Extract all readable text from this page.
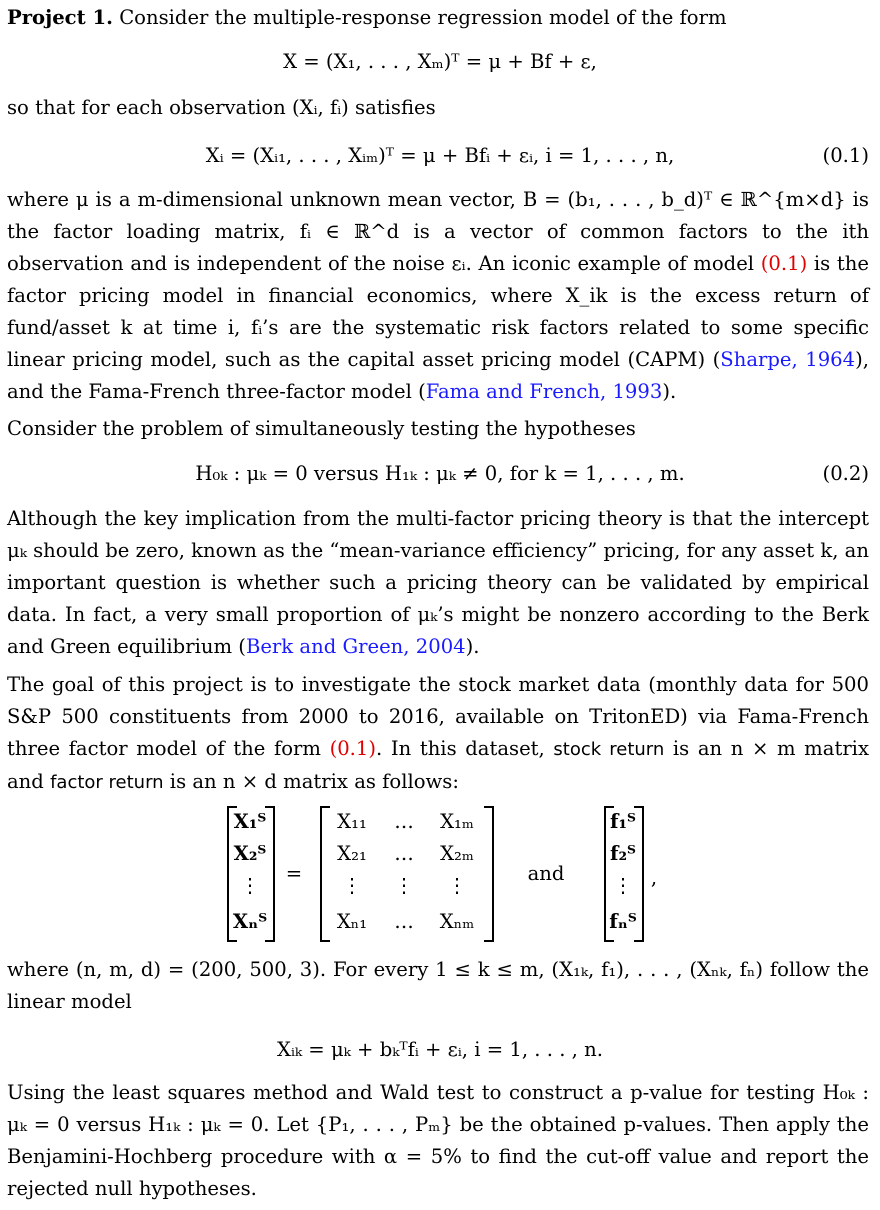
Project 1. Consider the multiple-response regression model of the form

X = (X₁, . . . , Xₘ)ᵀ = μ + Bf + ε,

so that for each observation (Xᵢ, fᵢ) satisfies

Xᵢ = (Xᵢ₁, . . . , Xᵢₘ)ᵀ = μ + Bfᵢ + εᵢ, i = 1, . . . , n,	(0.1)

where μ is a m-dimensional unknown mean vector, B = (b₁, . . . , b_d)ᵀ ∈ ℝ^{m×d} is the factor loading matrix, fᵢ ∈ ℝ^d is a vector of common factors to the ith observation and is independent of the noise εᵢ. An iconic example of model (0.1) is the factor pricing model in financial economics, where X_ik is the excess return of fund/asset k at time i, fᵢ’s are the systematic risk factors related to some specific linear pricing model, such as the capital asset pricing model (CAPM) (Sharpe, 1964), and the Fama-French three-factor model (Fama and French, 1993).

Consider the problem of simultaneously testing the hypotheses

H₀ₖ : μₖ = 0 versus H₁ₖ : μₖ ≠ 0, for k = 1, . . . , m.	(0.2)

Although the key implication from the multi-factor pricing theory is that the intercept μₖ should be zero, known as the “mean-variance efficiency” pricing, for any asset k, an important question is whether such a pricing theory can be validated by empirical data. In fact, a very small proportion of μₖ’s might be nonzero according to the Berk and Green equilibrium (Berk and Green, 2004).

The goal of this project is to investigate the stock market data (monthly data for 500 S&P 500 constituents from 2000 to 2016, available on TritonED) via Fama-French three factor model of the form (0.1). In this dataset, stock return is an n × m matrix and factor return is an n × d matrix as follows:

X₁ᵀ
X₂ᵀ
⋮
Xₙᵀ
=
X₁₁	…	X₁ₘ
X₂₁	…	X₂ₘ
⋮	⋮	⋮
Xₙ₁	…	Xₙₘ
and
f₁ᵀ
f₂ᵀ
⋮
fₙᵀ
,

where (n, m, d) = (200, 500, 3). For every 1 ≤ k ≤ m, (X₁ₖ, f₁), . . . , (Xₙₖ, fₙ) follow the linear model

Xᵢₖ = μₖ + bₖᵀfᵢ + εᵢ, i = 1, . . . , n.

Using the least squares method and Wald test to construct a p-value for testing H₀ₖ : μₖ = 0 versus H₁ₖ : μₖ = 0. Let {P₁, . . . , Pₘ} be the obtained p-values. Then apply the Benjamini-Hochberg procedure with α = 5% to find the cut-off value and report the rejected null hypotheses.
